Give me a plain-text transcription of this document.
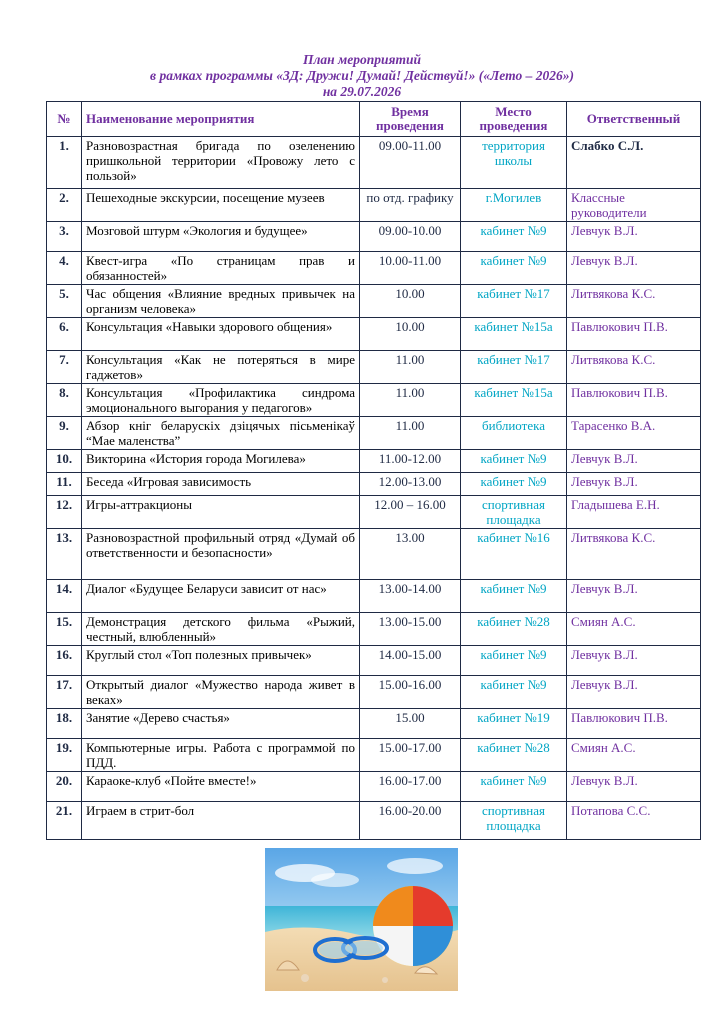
План мероприятий
в рамках программы «3Д: Дружи! Думай! Действуй!» («Лето – 2026»)
на 29.07.2026
№	Наименование мероприятия	Время проведения	Место проведения	Ответственный
1.	Разновозрастная бригада по озеленению пришкольной территории «Провожу лето с пользой»	09.00-11.00	территория школы	Слабко С.Л.
2.	Пешеходные экскурсии, посещение музеев	по отд. графику	г.Могилев	Классные руководители
3.	Мозговой штурм «Экология и будущее»	09.00-10.00	кабинет №9	Левчук В.Л.
4.	Квест-игра «По страницам прав и обязанностей»	10.00-11.00	кабинет №9	Левчук В.Л.
5.	Час общения «Влияние вредных привычек на организм человека»	10.00	кабинет №17	Литвякова К.С.
6.	Консультация «Навыки здорового общения»	10.00	кабинет №15а	Павлюкович П.В.
7.	Консультация «Как не потеряться в мире гаджетов»	11.00	кабинет №17	Литвякова К.С.
8.	Консультация «Профилактика синдрома эмоционального выгорания у педагогов»	11.00	кабинет №15а	Павлюкович П.В.
9.	Абзор кніг беларускіх дзіцячых пісьменікаў “Мае маленства”	11.00	библиотека	Тарасенко В.А.
10.	Викторина «История города Могилева»	11.00-12.00	кабинет №9	Левчук В.Л.
11.	Беседа «Игровая зависимость	12.00-13.00	кабинет №9	Левчук В.Л.
12.	Игры-аттракционы	12.00 – 16.00	спортивная площадка	Гладышева Е.Н.
13.	Разновозрастной профильный отряд «Думай об ответственности и безопасности»	13.00	кабинет №16	Литвякова К.С.
14.	Диалог «Будущее Беларуси зависит от нас»	13.00-14.00	кабинет №9	Левчук В.Л.
15.	Демонстрация детского фильма «Рыжий, честный, влюбленный»	13.00-15.00	кабинет №28	Смиян А.С.
16.	Круглый стол «Топ полезных привычек»	14.00-15.00	кабинет №9	Левчук В.Л.
17.	Открытый диалог «Мужество народа живет в веках»	15.00-16.00	кабинет №9	Левчук В.Л.
18.	Занятие «Дерево счастья»	15.00	кабинет №19	Павлюкович П.В.
19.	Компьютерные игры. Работа с программой по ПДД.	15.00-17.00	кабинет №28	Смиян А.С.
20.	Караоке-клуб «Пойте вместе!»	16.00-17.00	кабинет №9	Левчук В.Л.
21.	Играем в стрит-бол	16.00-20.00	спортивная площадка	Потапова С.С.
